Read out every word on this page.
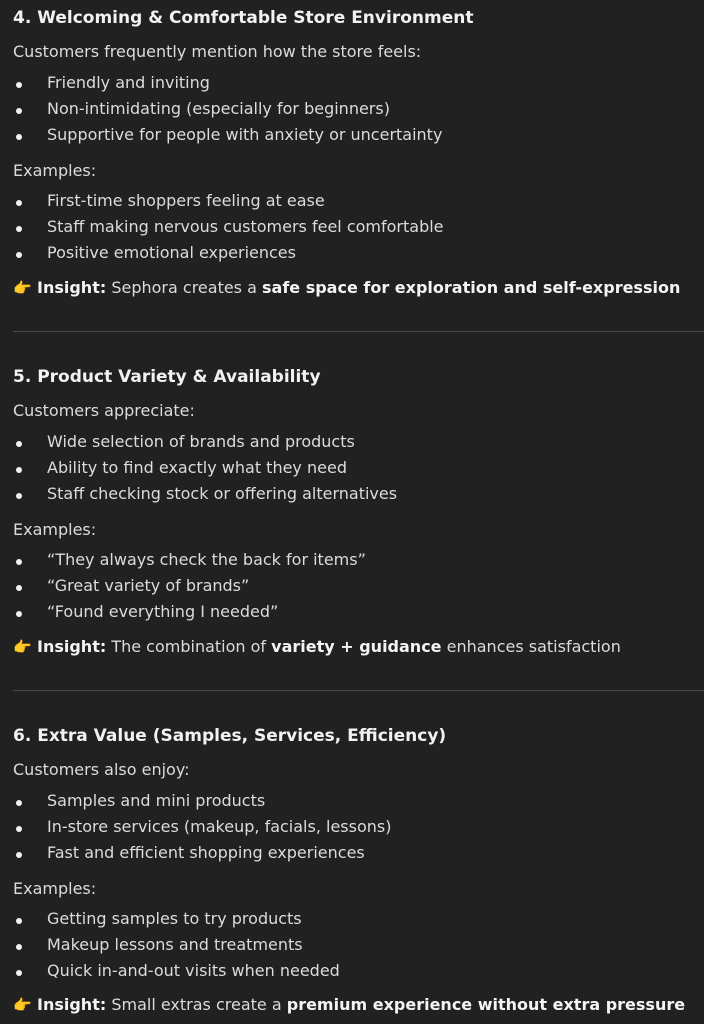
4. Welcoming & Comfortable Store Environment
Customers frequently mention how the store feels:
Friendly and inviting
Non-intimidating (especially for beginners)
Supportive for people with anxiety or uncertainty
Examples:
First-time shoppers feeling at ease
Staff making nervous customers feel comfortable
Positive emotional experiences
👉 Insight: Sephora creates a safe space for exploration and self-expression
5. Product Variety & Availability
Customers appreciate:
Wide selection of brands and products
Ability to find exactly what they need
Staff checking stock or offering alternatives
Examples:
“They always check the back for items”
“Great variety of brands”
“Found everything I needed”
👉 Insight: The combination of variety + guidance enhances satisfaction
6. Extra Value (Samples, Services, Efficiency)
Customers also enjoy:
Samples and mini products
In-store services (makeup, facials, lessons)
Fast and efficient shopping experiences
Examples:
Getting samples to try products
Makeup lessons and treatments
Quick in-and-out visits when needed
👉 Insight: Small extras create a premium experience without extra pressure
